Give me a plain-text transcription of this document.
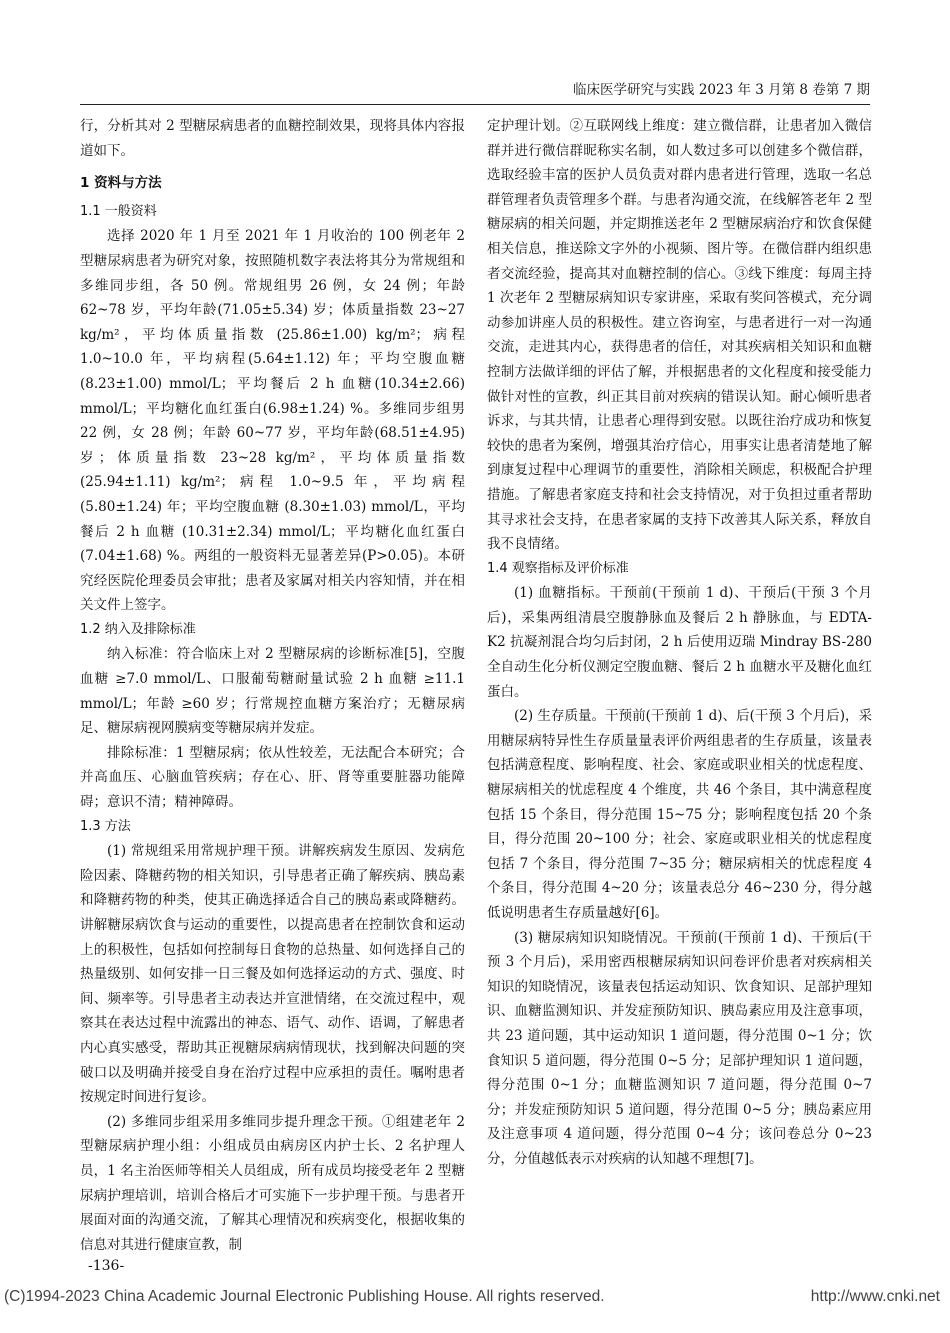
临床医学研究与实践 2023 年 3 月第 8 卷第 7 期

行，分析其对 2 型糖尿病患者的血糖控制效果，现将具体内容报道如下。

1 资料与方法

1.1 一般资料

选择 2020 年 1 月至 2021 年 1 月收治的 100 例老年 2 型糖尿病患者为研究对象，按照随机数字表法将其分为常规组和多维同步组，各 50 例。常规组男 26 例，女 24 例；年龄 62~78 岁，平均年龄(71.05±5.34) 岁；体质量指数 23~27 kg/m²，平均体质量指数 (25.86±1.00) kg/m²；病程 1.0~10.0 年，平均病程(5.64±1.12) 年；平均空腹血糖 (8.23±1.00) mmol/L；平均餐后 2 h 血糖(10.34±2.66) mmol/L；平均糖化血红蛋白(6.98±1.24) %。多维同步组男 22 例，女 28 例；年龄 60~77 岁，平均年龄(68.51±4.95) 岁；体质量指数 23~28 kg/m²，平均体质量指数 (25.94±1.11) kg/m²；病程 1.0~9.5 年，平均病程 (5.80±1.24) 年；平均空腹血糖 (8.30±1.03) mmol/L，平均餐后 2 h 血糖 (10.31±2.34) mmol/L；平均糖化血红蛋白(7.04±1.68) %。两组的一般资料无显著差异(P>0.05)。本研究经医院伦理委员会审批；患者及家属对相关内容知情，并在相关文件上签字。

1.2 纳入及排除标准

纳入标准：符合临床上对 2 型糖尿病的诊断标准[5]，空腹血糖 ≥7.0 mmol/L、口服葡萄糖耐量试验 2 h 血糖 ≥11.1 mmol/L；年龄 ≥60 岁；行常规控血糖方案治疗；无糖尿病足、糖尿病视网膜病变等糖尿病并发症。

排除标准：1 型糖尿病；依从性较差，无法配合本研究；合并高血压、心脑血管疾病；存在心、肝、肾等重要脏器功能障碍；意识不清；精神障碍。

1.3 方法

(1) 常规组采用常规护理干预。讲解疾病发生原因、发病危险因素、降糖药物的相关知识，引导患者正确了解疾病、胰岛素和降糖药物的种类，使其正确选择适合自己的胰岛素或降糖药。讲解糖尿病饮食与运动的重要性，以提高患者在控制饮食和运动上的积极性，包括如何控制每日食物的总热量、如何选择自己的热量级别、如何安排一日三餐及如何选择运动的方式、强度、时间、频率等。引导患者主动表达并宣泄情绪，在交流过程中，观察其在表达过程中流露出的神态、语气、动作、语调，了解患者内心真实感受，帮助其正视糖尿病病情现状，找到解决问题的突破口以及明确并接受自身在治疗过程中应承担的责任。嘱咐患者按规定时间进行复诊。

(2) 多维同步组采用多维同步提升理念干预。①组建老年 2 型糖尿病护理小组：小组成员由病房区内护士长、2 名护理人员，1 名主治医师等相关人员组成，所有成员均接受老年 2 型糖尿病护理培训，培训合格后才可实施下一步护理干预。与患者开展面对面的沟通交流，了解其心理情况和疾病变化，根据收集的信息对其进行健康宣教，制

定护理计划。②互联网线上维度：建立微信群，让患者加入微信群并进行微信群昵称实名制，如人数过多可以创建多个微信群，选取经验丰富的医护人员负责对群内患者进行管理，选取一名总群管理者负责管理多个群。与患者沟通交流，在线解答老年 2 型糖尿病的相关问题，并定期推送老年 2 型糖尿病治疗和饮食保健相关信息，推送除文字外的小视频、图片等。在微信群内组织患者交流经验，提高其对血糖控制的信心。③线下维度：每周主持 1 次老年 2 型糖尿病知识专家讲座，采取有奖问答模式，充分调动参加讲座人员的积极性。建立咨询室，与患者进行一对一沟通交流，走进其内心，获得患者的信任，对其疾病相关知识和血糖控制方法做详细的评估了解，并根据患者的文化程度和接受能力做针对性的宣教，纠正其目前对疾病的错误认知。耐心倾听患者诉求，与其共情，让患者心理得到安慰。以既往治疗成功和恢复较快的患者为案例，增强其治疗信心，用事实让患者清楚地了解到康复过程中心理调节的重要性，消除相关顾虑，积极配合护理措施。了解患者家庭支持和社会支持情况，对于负担过重者帮助其寻求社会支持，在患者家属的支持下改善其人际关系，释放自我不良情绪。

1.4 观察指标及评价标准

(1) 血糖指标。干预前(干预前 1 d)、干预后(干预 3 个月后)，采集两组清晨空腹静脉血及餐后 2 h 静脉血，与 EDTA-K2 抗凝剂混合均匀后封闭，2 h 后使用迈瑞 Mindray BS-280 全自动生化分析仪测定空腹血糖、餐后 2 h 血糖水平及糖化血红蛋白。

(2) 生存质量。干预前(干预前 1 d)、后(干预 3 个月后)，采用糖尿病特异性生存质量量表评价两组患者的生存质量，该量表包括满意程度、影响程度、社会、家庭或职业相关的忧虑程度、糖尿病相关的忧虑程度 4 个维度，共 46 个条目，其中满意程度包括 15 个条目，得分范围 15~75 分；影响程度包括 20 个条目，得分范围 20~100 分；社会、家庭或职业相关的忧虑程度包括 7 个条目，得分范围 7~35 分；糖尿病相关的忧虑程度 4 个条目，得分范围 4~20 分；该量表总分 46~230 分，得分越低说明患者生存质量越好[6]。

(3) 糖尿病知识知晓情况。干预前(干预前 1 d)、干预后(干预 3 个月后)，采用密西根糖尿病知识问卷评价患者对疾病相关知识的知晓情况，该量表包括运动知识、饮食知识、足部护理知识、血糖监测知识、并发症预防知识、胰岛素应用及注意事项，共 23 道问题，其中运动知识 1 道问题，得分范围 0~1 分；饮食知识 5 道问题，得分范围 0~5 分；足部护理知识 1 道问题，得分范围 0~1 分；血糖监测知识 7 道问题，得分范围 0~7 分；并发症预防知识 5 道问题，得分范围 0~5 分；胰岛素应用及注意事项 4 道问题，得分范围 0~4 分；该问卷总分 0~23 分，分值越低表示对疾病的认知越不理想[7]。

-136-
(C)1994-2023 China Academic Journal Electronic Publishing House. All rights reserved.	http://www.cnki.net
